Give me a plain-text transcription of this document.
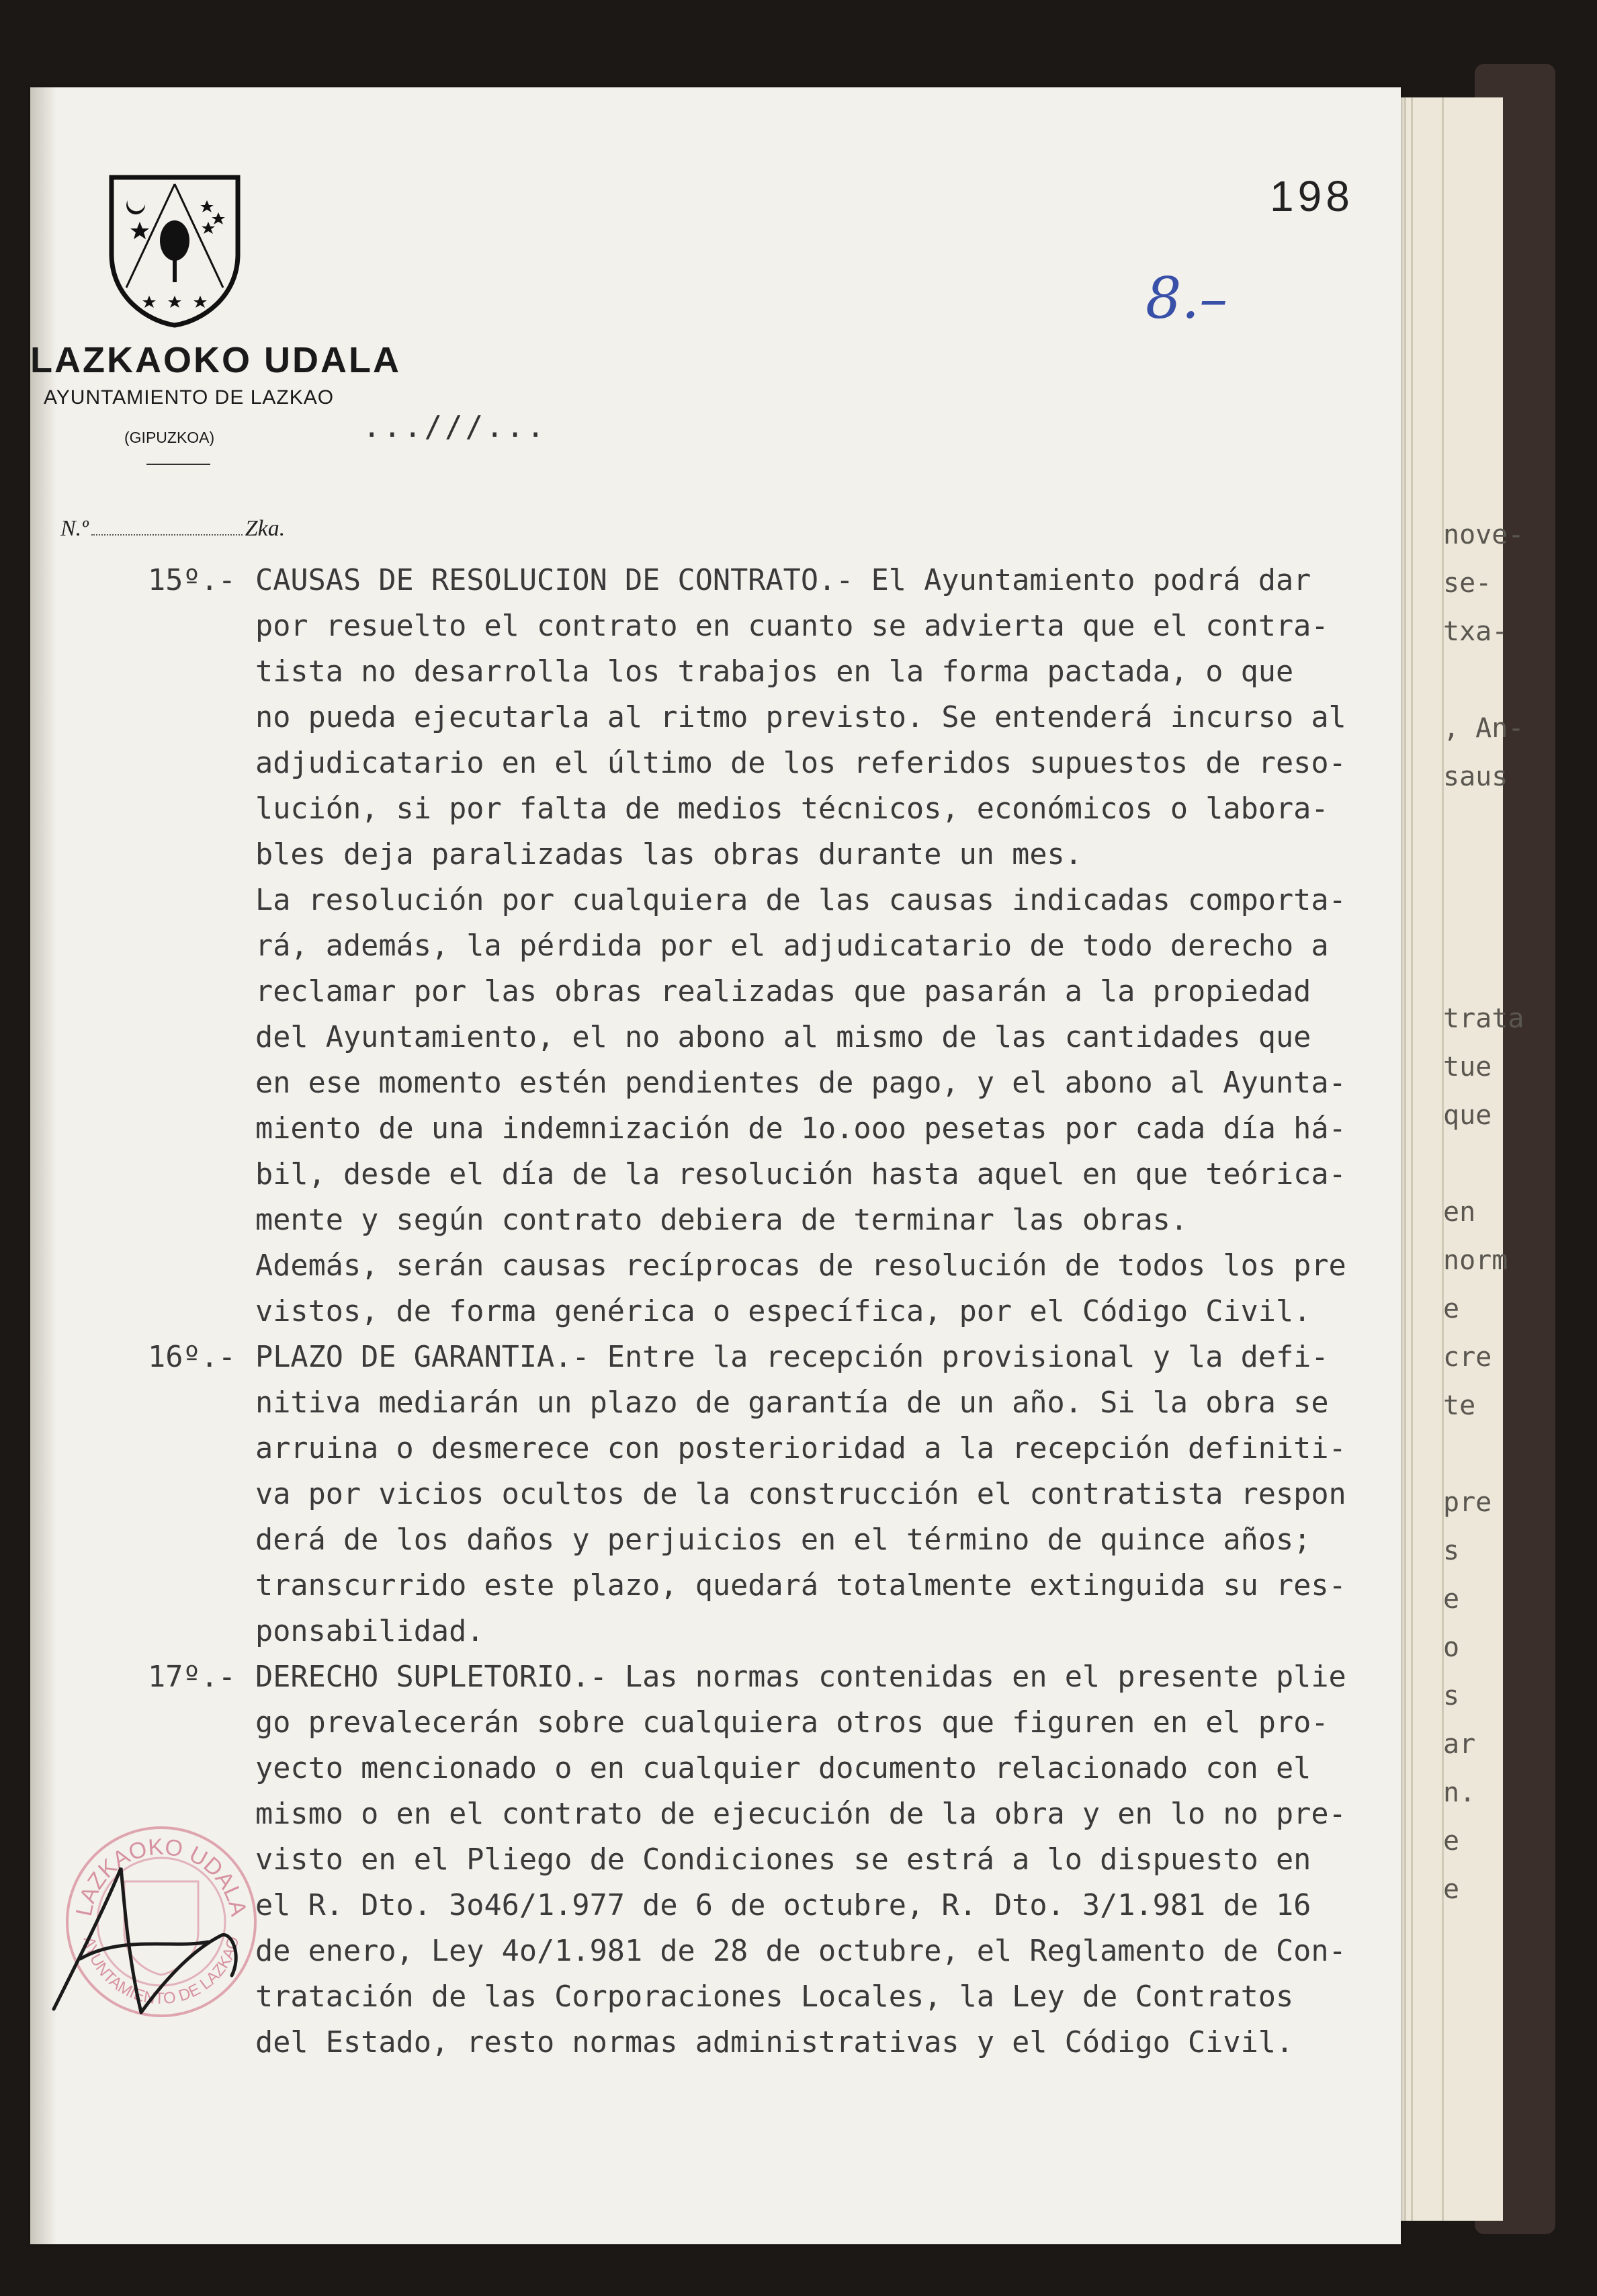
nove-
se-
txa-
, An-
saus
trata
tue
que
en
norm
e
cre
te
pre
s
e
o
s
ar
n.
e
e
LAZKAOKO UDALA
AYUNTAMIENTO DE LAZKAO
(GIPUZKOA)	...///...
198
8.–
N.º	Zka.
15º.- CAUSAS DE RESOLUCION DE CONTRATO.- El Ayuntamiento podrá dar
por resuelto el contrato en cuanto se advierta que el contra-
tista no desarrolla los trabajos en la forma pactada, o que
no pueda ejecutarla al ritmo previsto. Se entenderá incurso al
adjudicatario en el último de los referidos supuestos de reso-
lución, si por falta de medios técnicos, económicos o labora-
bles deja paralizadas las obras durante un mes.
La resolución por cualquiera de las causas indicadas comporta-
rá, además, la pérdida por el adjudicatario de todo derecho a
reclamar por las obras realizadas que pasarán a la propiedad
del Ayuntamiento, el no abono al mismo de las cantidades que
en ese momento estén pendientes de pago, y el abono al Ayunta-
miento de una indemnización de 1o.ooo pesetas por cada día há-
bil, desde el día de la resolución hasta aquel en que teórica-
mente y según contrato debiera de terminar las obras.
Además, serán causas recíprocas de resolución de todos los pre
vistos, de forma genérica o específica, por el Código Civil.
16º.- PLAZO DE GARANTIA.- Entre la recepción provisional y la defi-
nitiva mediarán un plazo de garantía de un año. Si la obra se
arruina o desmerece con posterioridad a la recepción definiti-
va por vicios ocultos de la construcción el contratista respon
derá de los daños y perjuicios en el término de quince años;
transcurrido este plazo, quedará totalmente extinguida su res-
ponsabilidad.
17º.- DERECHO SUPLETORIO.- Las normas contenidas en el presente plie
go prevalecerán sobre cualquiera otros que figuren en el pro-
yecto mencionado o en cualquier documento relacionado con el
mismo o en el contrato de ejecución de la obra y en lo no pre-
visto en el Pliego de Condiciones se estrá a lo dispuesto en
el R. Dto. 3o46/1.977 de 6 de octubre, R. Dto. 3/1.981 de 16
de enero, Ley 4o/1.981 de 28 de octubre, el Reglamento de Con-
tratación de las Corporaciones Locales, la Ley de Contratos
del Estado, resto normas administrativas y el Código Civil.
LAZKAOKO UDALA
AYUNTAMIENTO DE LAZKAO
